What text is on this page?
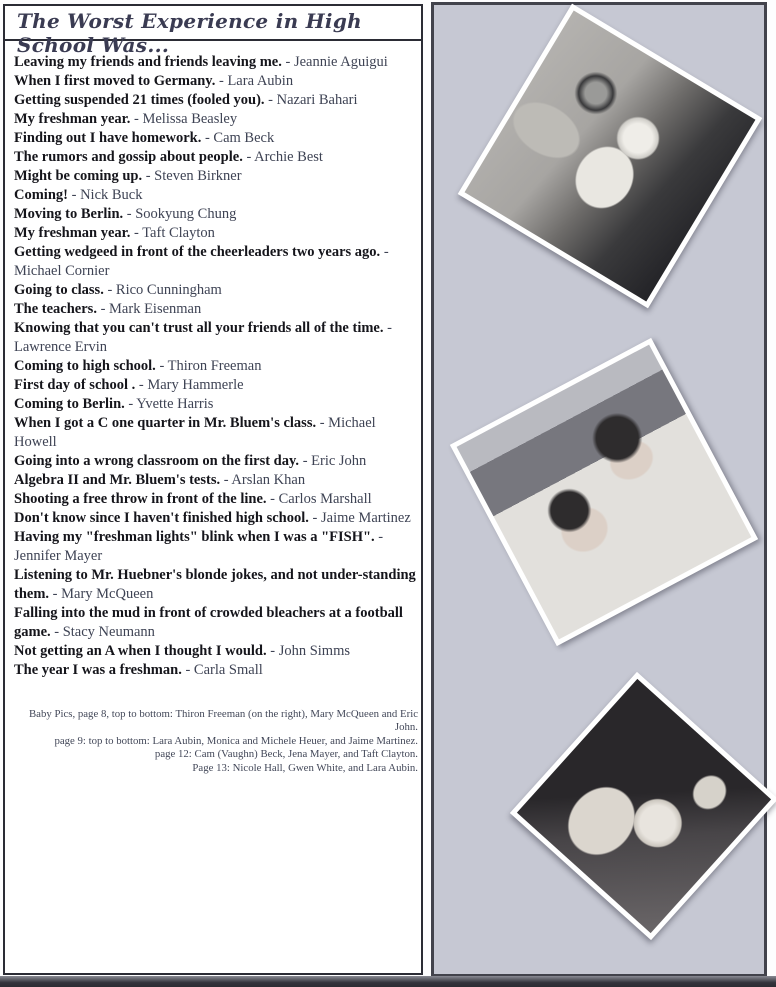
The Worst Experience in High School Was...

Leaving my friends and friends leaving me. - Jeannie Aguigui

When I first moved to Germany. - Lara Aubin

Getting suspended 21 times (fooled you). - Nazari Bahari

My freshman year. - Melissa Beasley

Finding out I have homework. - Cam Beck

The rumors and gossip about people. - Archie Best

Might be coming up. - Steven Birkner

Coming! - Nick Buck

Moving to Berlin. - Sookyung Chung

My freshman year. - Taft Clayton

Getting wedgeed in front of the cheerleaders two years ago. - Michael Cornier

Going to class. - Rico Cunningham

The teachers. - Mark Eisenman

Knowing that you can't trust all your friends all of the time. - Lawrence Ervin

Coming to high school. - Thiron Freeman

First day of school . - Mary Hammerle

Coming to Berlin. - Yvette Harris

When I got a C one quarter in Mr. Bluem's class. - Michael Howell

Going into a wrong classroom on the first day. - Eric John

Algebra II and Mr. Bluem's tests. - Arslan Khan

Shooting a free throw in front of the line. - Carlos Marshall

Don't know since I haven't finished high school. - Jaime Martinez

Having my "freshman lights" blink when I was a "FISH". - Jennifer Mayer

Listening to Mr. Huebner's blonde jokes, and not under-standing them. - Mary McQueen

Falling into the mud in front of crowded bleachers at a football game. - Stacy Neumann

Not getting an A when I thought I would. - John Simms

The year I was a freshman. - Carla Small

Baby Pics, page 8, top to bottom: Thiron Freeman (on the right), Mary McQueen and Eric John.
page 9: top to bottom: Lara Aubin, Monica and Michele Heuer, and Jaime Martinez.
page 12: Cam (Vaughn) Beck, Jena Mayer, and Taft Clayton.
Page 13: Nicole Hall, Gwen White, and Lara Aubin.
